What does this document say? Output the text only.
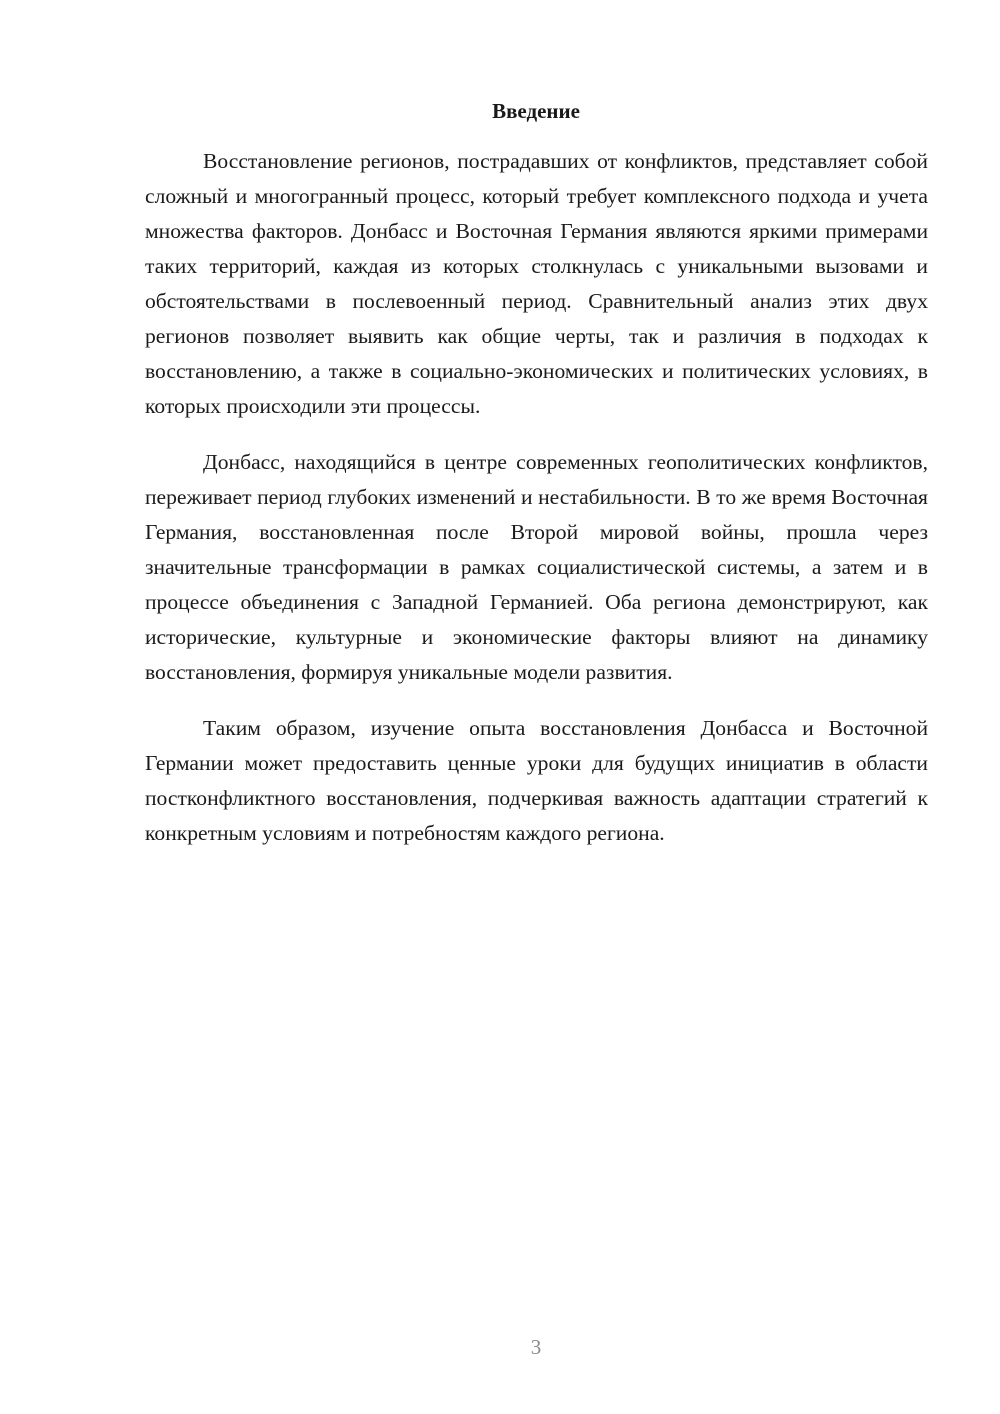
Введение

Восстановление регионов, пострадавших от конфликтов, представляет собой сложный и многогранный процесс, который требует комплексного подхода и учета множества факторов. Донбасс и Восточная Германия являются яркими примерами таких территорий, каждая из которых столкнулась с уникальными вызовами и обстоятельствами в послевоенный период. Сравнительный анализ этих двух регионов позволяет выявить как общие черты, так и различия в подходах к восстановлению, а также в социально-экономических и политических условиях, в которых происходили эти процессы.

Донбасс, находящийся в центре современных геополитических конфликтов, переживает период глубоких изменений и нестабильности. В то же время Восточная Германия, восстановленная после Второй мировой войны, прошла через значительные трансформации в рамках социалистической системы, а затем и в процессе объединения с Западной Германией. Оба региона демонстрируют, как исторические, культурные и экономические факторы влияют на динамику восстановления, формируя уникальные модели развития.

Таким образом, изучение опыта восстановления Донбасса и Восточной Германии может предоставить ценные уроки для будущих инициатив в области постконфликтного восстановления, подчеркивая важность адаптации стратегий к конкретным условиям и потребностям каждого региона.

3
